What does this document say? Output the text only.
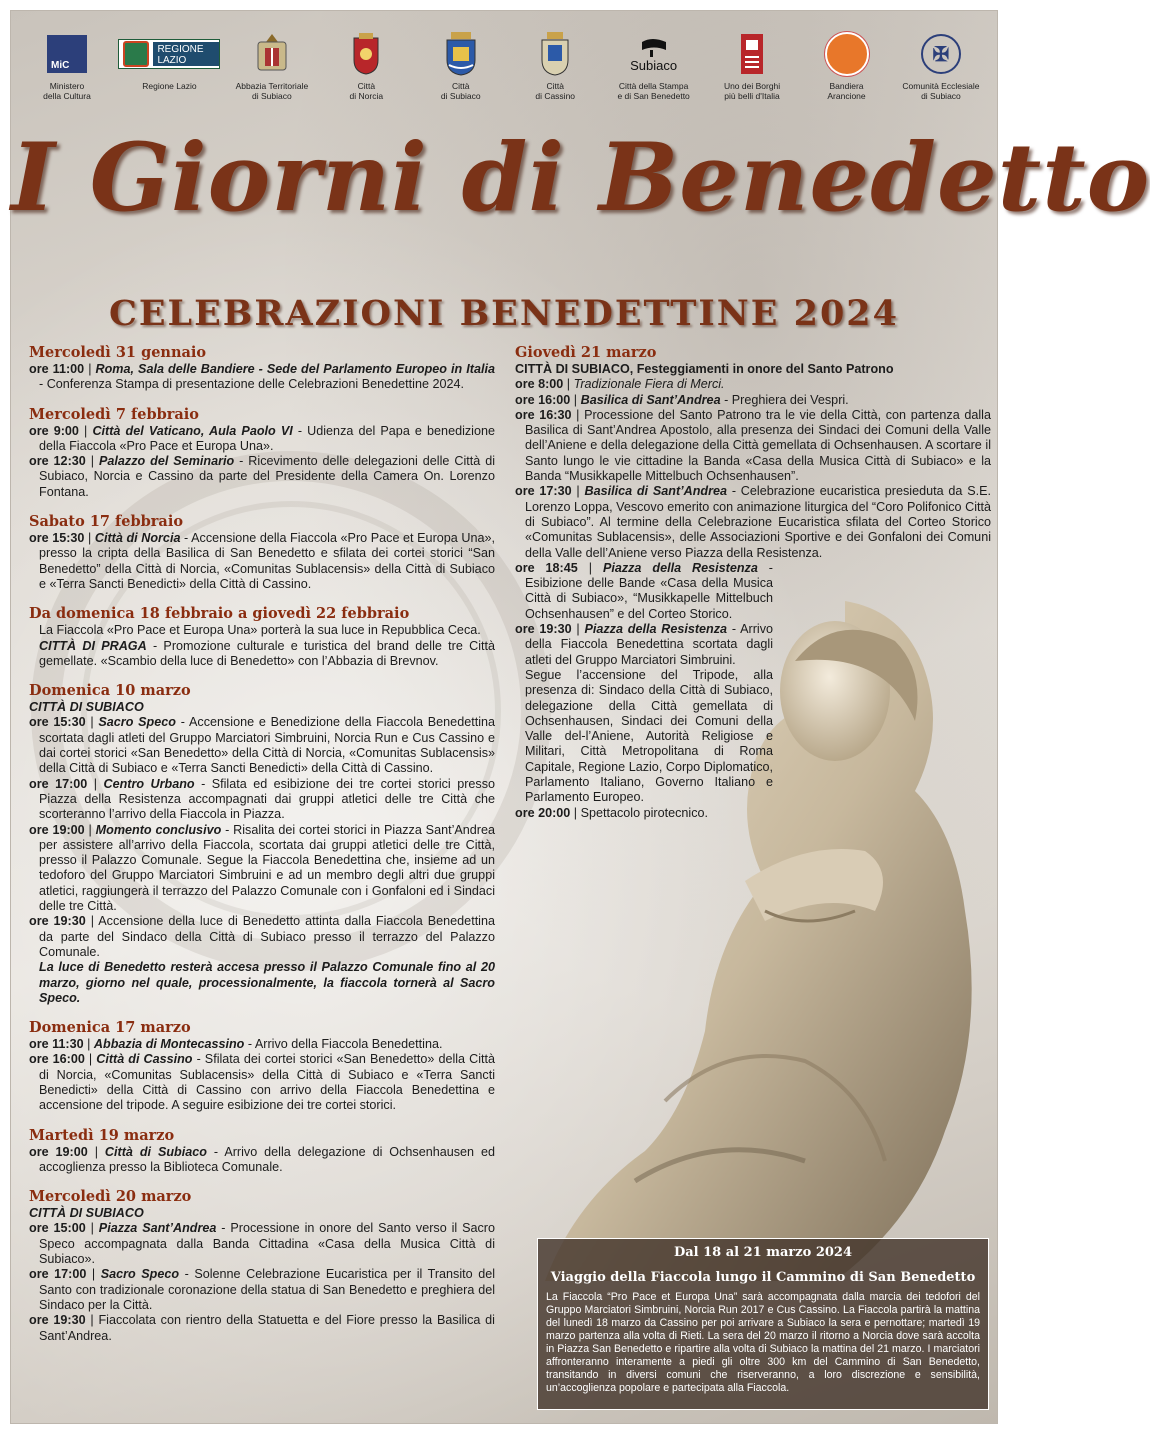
MiC
Ministero
della Cultura
REGIONE
LAZIO
Regione Lazio	Abbazia Territoriale
di Subiaco
Città
di Norcia
Città
di Subiaco
Città
di Cassino
Subiaco
Città della Stampa
e di San Benedetto
Uno dei Borghi
più belli d'Italia
Bandiera
Arancione
✠
Comunità Ecclesiale
di Subiaco
I Giorni di Benedetto
CELEBRAZIONI BENEDETTINE 2024
Mercoledì 31 gennaio
ore 11:00 | Roma, Sala delle Bandiere - Sede del Parlamento Europeo in Italia - Conferenza Stampa di presentazione delle Celebrazioni Benedettine 2024.
Mercoledì 7 febbraio
ore 9:00 | Città del Vaticano, Aula Paolo VI - Udienza del Papa e benedizione della Fiaccola «Pro Pace et Europa Una».
ore 12:30 | Palazzo del Seminario - Ricevimento delle delegazioni delle Città di Subiaco, Norcia e Cassino da parte del Presidente della Camera On. Lorenzo Fontana.
Sabato 17 febbraio
ore 15:30 | Città di Norcia - Accensione della Fiaccola «Pro Pace et Europa Una», presso la cripta della Basilica di San Benedetto e sfilata dei cortei storici “San Benedetto” della Città di Norcia, «Comunitas Sublacensis» della Città di Subiaco e «Terra Sancti Benedicti» della Città di Cassino.
Da domenica 18 febbraio a giovedì 22 febbraio
La Fiaccola «Pro Pace et Europa Una» porterà la sua luce in Repubblica Ceca.
CITTÀ DI PRAGA - Promozione culturale e turistica del brand delle tre Città gemellate. «Scambio della luce di Benedetto» con l’Abbazia di Brevnov.
Domenica 10 marzo
CITTÀ DI SUBIACO
ore 15:30 | Sacro Speco - Accensione e Benedizione della Fiaccola Benedettina scortata dagli atleti del Gruppo Marciatori Simbruini, Norcia Run e Cus Cassino e dai cortei storici «San Benedetto» della Città di Norcia, «Comunitas Sublacensis» della Città di Subiaco e «Terra Sancti Benedicti» della Città di Cassino.
ore 17:00 | Centro Urbano - Sfilata ed esibizione dei tre cortei storici presso Piazza della Resistenza accompagnati dai gruppi atletici delle tre Città che scorteranno l’arrivo della Fiaccola in Piazza.
ore 19:00 | Momento conclusivo - Risalita dei cortei storici in Piazza Sant’Andrea per assistere all’arrivo della Fiaccola, scortata dai gruppi atletici delle tre Città, presso il Palazzo Comunale. Segue la Fiaccola Benedettina che, insieme ad un tedoforo del Gruppo Marciatori Simbruini e ad un membro degli altri due gruppi atletici, raggiungerà il terrazzo del Palazzo Comunale con i Gonfaloni ed i Sindaci delle tre Città.
ore 19:30 | Accensione della luce di Benedetto attinta dalla Fiaccola Benedettina da parte del Sindaco della Città di Subiaco presso il terrazzo del Palazzo Comunale.
La luce di Benedetto resterà accesa presso il Palazzo Comunale fino al 20 marzo, giorno nel quale, processionalmente, la fiaccola tornerà al Sacro Speco.
Domenica 17 marzo
ore 11:30 | Abbazia di Montecassino - Arrivo della Fiaccola Benedettina.
ore 16:00 | Città di Cassino - Sfilata dei cortei storici «San Benedetto» della Città di Norcia, «Comunitas Sublacensis» della Città di Subiaco e «Terra Sancti Benedicti» della Città di Cassino con arrivo della Fiaccola Benedettina e accensione del tripode. A seguire esibizione dei tre cortei storici.
Martedì 19 marzo
ore 19:00 | Città di Subiaco - Arrivo della delegazione di Ochsenhausen ed accoglienza presso la Biblioteca Comunale.
Mercoledì 20 marzo
CITTÀ DI SUBIACO
ore 15:00 | Piazza Sant’Andrea - Processione in onore del Santo verso il Sacro Speco accompagnata dalla Banda Cittadina «Casa della Musica Città di Subiaco».
ore 17:00 | Sacro Speco - Solenne Celebrazione Eucaristica per il Transito del Santo con tradizionale coronazione della statua di San Benedetto e preghiera del Sindaco per la Città.
ore 19:30 | Fiaccolata con rientro della Statuetta e del Fiore presso la Basilica di Sant’Andrea.
Giovedì 21 marzo
CITTÀ DI SUBIACO, Festeggiamenti in onore del Santo Patrono
ore 8:00 | Tradizionale Fiera di Merci.
ore 16:00 | Basilica di Sant’Andrea - Preghiera dei Vespri.
ore 16:30 | Processione del Santo Patrono tra le vie della Città, con partenza dalla Basilica di Sant’Andrea Apostolo, alla presenza dei Sindaci dei Comuni della Valle dell’Aniene e della delegazione della Città gemellata di Ochsenhausen. A scortare il Santo lungo le vie cittadine la Banda «Casa della Musica Città di Subiaco» e la Banda “Musikkapelle Mittelbuch Ochsenhausen”.
ore 17:30 | Basilica di Sant’Andrea - Celebrazione eucaristica presieduta da S.E. Lorenzo Loppa, Vescovo emerito con animazione liturgica del “Coro Polifonico Città di Subiaco”. Al termine della Celebrazione Eucaristica sfilata del Corteo Storico «Comunitas Sublacensis», delle Associazioni Sportive e dei Gonfaloni dei Comuni della Valle dell’Aniene verso Piazza della Resistenza.
ore 18:45 | Piazza della Resistenza - Esibizione delle Bande «Casa della Musica Città di Subiaco», “Musikkapelle Mittelbuch Ochsenhausen” e del Corteo Storico.
ore 19:30 | Piazza della Resistenza - Arrivo della Fiaccola Benedettina scortata dagli atleti del Gruppo Marciatori Simbruini.
Segue l’accensione del Tripode, alla presenza di: Sindaco della Città di Subiaco, delegazione della Città gemellata di Ochsenhausen, Sindaci dei Comuni della Valle del-l’Aniene, Autorità Religiose e Militari, Città Metropolitana di Roma Capitale, Regione Lazio, Corpo Diplomatico, Parlamento Italiano, Governo Italiano e Parlamento Europeo.
ore 20:00 | Spettacolo pirotecnico.
Dal 18 al 21 marzo 2024
Viaggio della Fiaccola lungo il Cammino di San Benedetto
La Fiaccola “Pro Pace et Europa Una” sarà accompagnata dalla marcia dei tedofori del Gruppo Marciatori Simbruini, Norcia Run 2017 e Cus Cassino. La Fiaccola partirà la mattina del lunedì 18 marzo da Cassino per poi arrivare a Subiaco la sera e pernottare; martedì 19 marzo partenza alla volta di Rieti. La sera del 20 marzo il ritorno a Norcia dove sarà accolta in Piazza San Benedetto e ripartire alla volta di Subiaco la mattina del 21 marzo. I marciatori affronteranno interamente a piedi gli oltre 300 km del Cammino di San Benedetto, transitando in diversi comuni che riserveranno, a loro discrezione e sensibilità, un’accoglienza popolare e partecipata alla Fiaccola.
